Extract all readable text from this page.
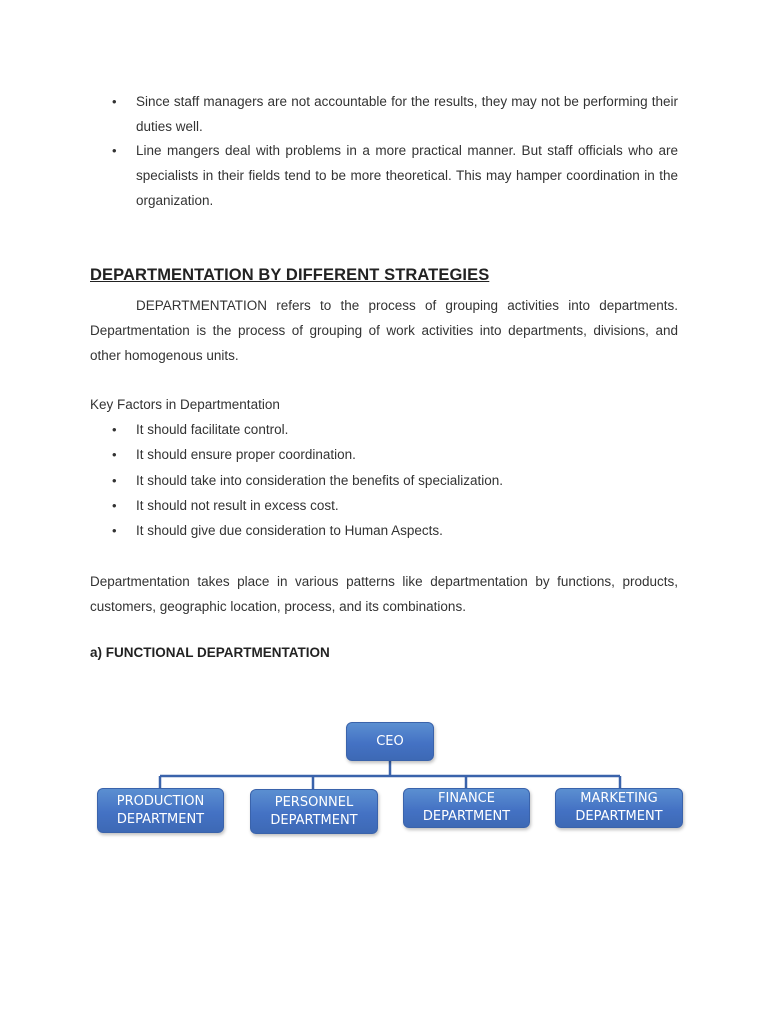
• Since staff managers are not accountable for the results, they may not be performing their duties well.
• Line mangers deal with problems in a more practical manner. But staff officials who are specialists in their fields tend to be more theoretical. This may hamper coordination in the organization.
DEPARTMENTATION BY DIFFERENT STRATEGIES

DEPARTMENTATION refers to the process of grouping activities into departments. Departmentation is the process of grouping of work activities into departments, divisions, and other homogenous units.

Key Factors in Departmentation

• It should facilitate control.
• It should ensure proper coordination.
• It should take into consideration the benefits of specialization.
• It should not result in excess cost.
• It should give due consideration to Human Aspects.

Departmentation takes place in various patterns like departmentation by functions, products, customers, geographic location, process, and its combinations.

a) FUNCTIONAL DEPARTMENTATION

CEO
PRODUCTION
DEPARTMENT
PERSONNEL
DEPARTMENT
FINANCE
DEPARTMENT
MARKETING
DEPARTMENT
